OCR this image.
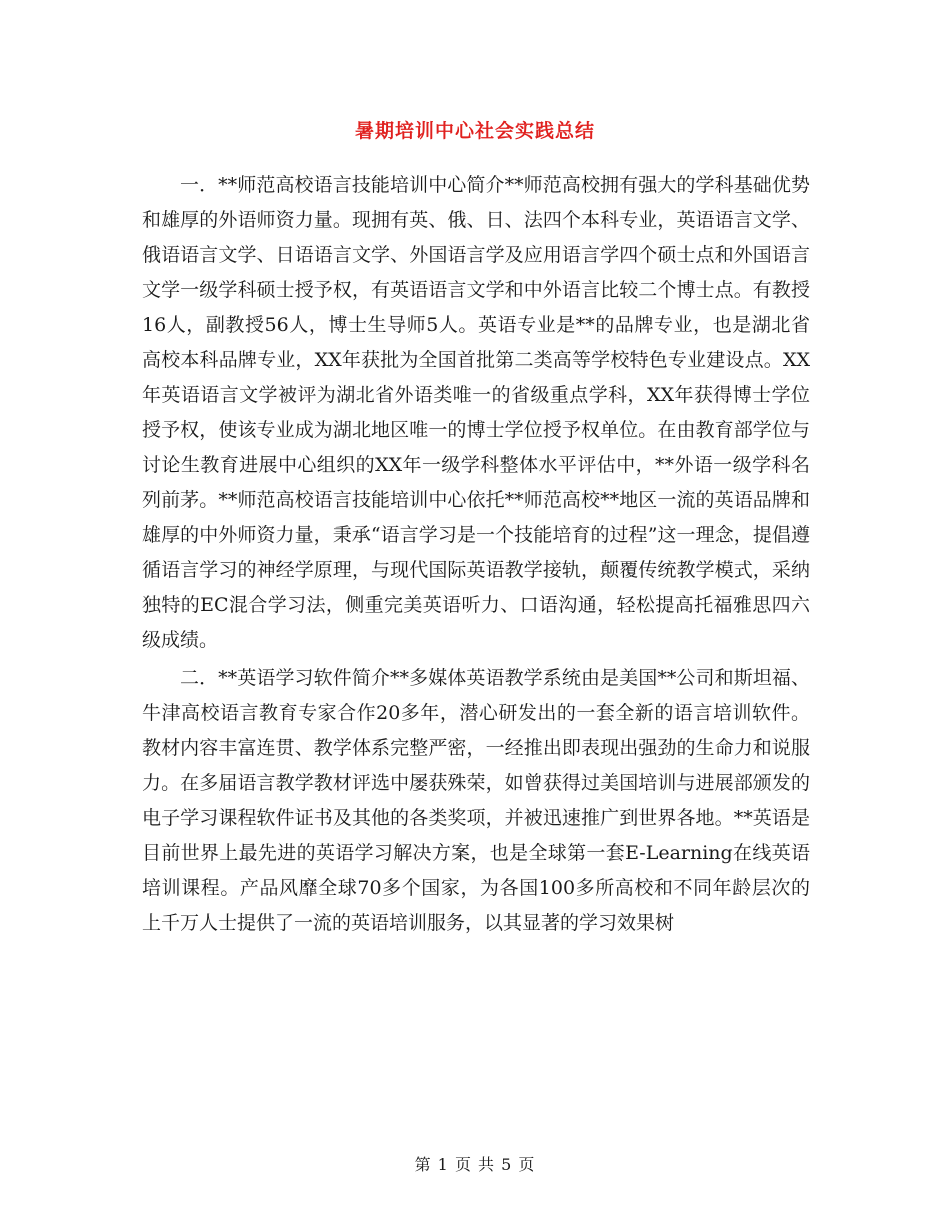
暑期培训中心社会实践总结

一．**师范高校语言技能培训中心简介**师范高校拥有强大的学科基础优势和雄厚的外语师资力量。现拥有英、俄、日、法四个本科专业，英语语言文学、俄语语言文学、日语语言文学、外国语言学及应用语言学四个硕士点和外国语言文学一级学科硕士授予权，有英语语言文学和中外语言比较二个博士点。有教授16人，副教授56人，博士生导师5人。英语专业是**的品牌专业，也是湖北省高校本科品牌专业，XX年获批为全国首批第二类高等学校特色专业建设点。XX年英语语言文学被评为湖北省外语类唯一的省级重点学科，XX年获得博士学位授予权，使该专业成为湖北地区唯一的博士学位授予权单位。在由教育部学位与讨论生教育进展中心组织的XX年一级学科整体水平评估中，**外语一级学科名列前茅。**师范高校语言技能培训中心依托**师范高校**地区一流的英语品牌和雄厚的中外师资力量，秉承“语言学习是一个技能培育的过程”这一理念，提倡遵循语言学习的神经学原理，与现代国际英语教学接轨，颠覆传统教学模式，采纳独特的EC混合学习法，侧重完美英语听力、口语沟通，轻松提高托福雅思四六级成绩。

二．**英语学习软件简介**多媒体英语教学系统由是美国**公司和斯坦福、牛津高校语言教育专家合作20多年，潜心研发出的一套全新的语言培训软件。教材内容丰富连贯、教学体系完整严密，一经推出即表现出强劲的生命力和说服力。在多届语言教学教材评选中屡获殊荣，如曾获得过美国培训与进展部颁发的电子学习课程软件证书及其他的各类奖项，并被迅速推广到世界各地。**英语是目前世界上最先进的英语学习解决方案，也是全球第一套E-Learning在线英语培训课程。产品风靡全球70多个国家，为各国100多所高校和不同年龄层次的上千万人士提供了一流的英语培训服务，以其显著的学习效果树

第 1 页 共 5 页
